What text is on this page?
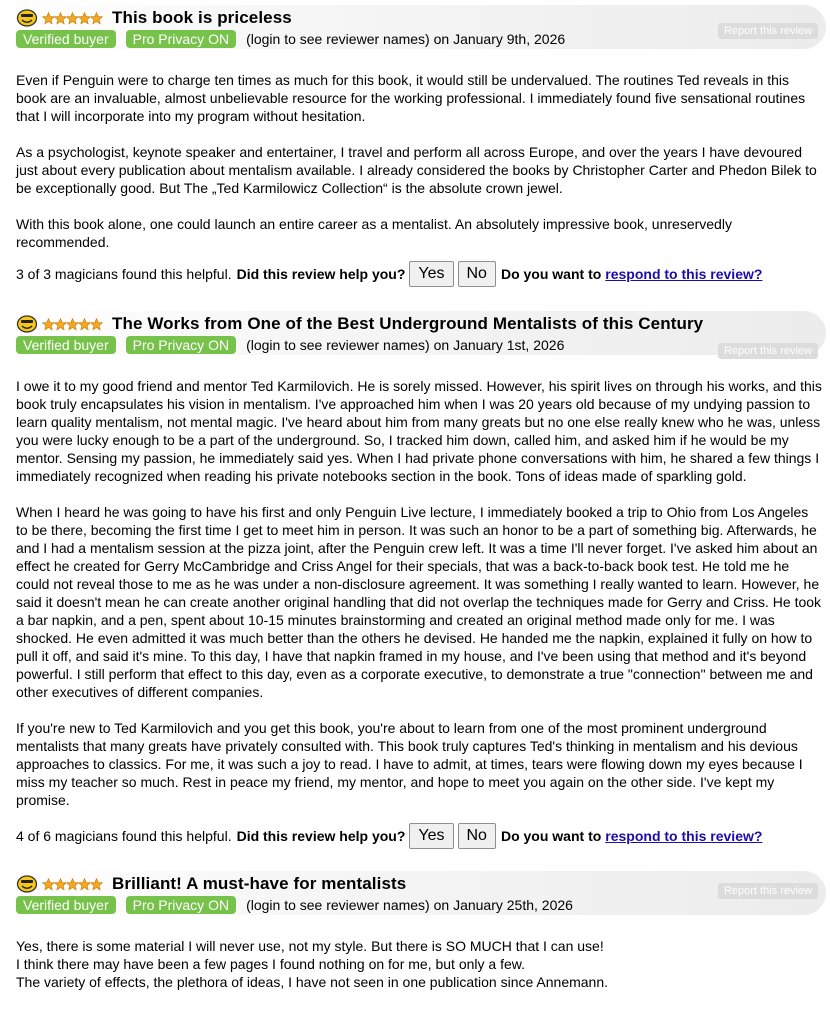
This book is priceless
Verified buyer	Pro Privacy ON	(login to see reviewer names) on January 9th, 2026	Report this review

Even if Penguin were to charge ten times as much for this book, it would still be undervalued. The routines Ted reveals in this book are an invaluable, almost unbelievable resource for the working professional. I immediately found five sensational routines that I will incorporate into my program without hesitation.

As a psychologist, keynote speaker and entertainer, I travel and perform all across Europe, and over the years I have devoured just about every publication about mentalism available. I already considered the books by Christopher Carter and Phedon Bilek to be exceptionally good. But The „Ted Karmilowicz Collection“ is the absolute crown jewel.

With this book alone, one could launch an entire career as a mentalist. An absolutely impressive book, unreservedly recommended.

3 of 3 magicians found this helpful. Did this review help you? Yes	No	Do you want to respond to this review?
The Works from One of the Best Underground Mentalists of this Century
Verified buyer	Pro Privacy ON	(login to see reviewer names) on January 1st, 2026	Report this review

I owe it to my good friend and mentor Ted Karmilovich. He is sorely missed. However, his spirit lives on through his works, and this book truly encapsulates his vision in mentalism. I've approached him when I was 20 years old because of my undying passion to learn quality mentalism, not mental magic. I've heard about him from many greats but no one else really knew who he was, unless you were lucky enough to be a part of the underground. So, I tracked him down, called him, and asked him if he would be my mentor. Sensing my passion, he immediately said yes. When I had private phone conversations with him, he shared a few things I immediately recognized when reading his private notebooks section in the book. Tons of ideas made of sparkling gold.

When I heard he was going to have his first and only Penguin Live lecture, I immediately booked a trip to Ohio from Los Angeles to be there, becoming the first time I get to meet him in person. It was such an honor to be a part of something big. Afterwards, he and I had a mentalism session at the pizza joint, after the Penguin crew left. It was a time I'll never forget. I've asked him about an effect he created for Gerry McCambridge and Criss Angel for their specials, that was a back-to-back book test. He told me he could not reveal those to me as he was under a non-disclosure agreement. It was something I really wanted to learn. However, he said it doesn't mean he can create another original handling that did not overlap the techniques made for Gerry and Criss. He took a bar napkin, and a pen, spent about 10-15 minutes brainstorming and created an original method made only for me. I was shocked. He even admitted it was much better than the others he devised. He handed me the napkin, explained it fully on how to pull it off, and said it's mine. To this day, I have that napkin framed in my house, and I've been using that method and it's beyond powerful. I still perform that effect to this day, even as a corporate executive, to demonstrate a true "connection" between me and other executives of different companies.

If you're new to Ted Karmilovich and you get this book, you're about to learn from one of the most prominent underground mentalists that many greats have privately consulted with. This book truly captures Ted's thinking in mentalism and his devious approaches to classics. For me, it was such a joy to read. I have to admit, at times, tears were flowing down my eyes because I miss my teacher so much. Rest in peace my friend, my mentor, and hope to meet you again on the other side. I've kept my promise.

4 of 6 magicians found this helpful. Did this review help you? Yes	No	Do you want to respond to this review?
Brilliant! A must-have for mentalists
Verified buyer	Pro Privacy ON	(login to see reviewer names) on January 25th, 2026
Report this review
Yes, there is some material I will never use, not my style. But there is SO MUCH that I can use!
I think there may have been a few pages I found nothing on for me, but only a few.
The variety of effects, the plethora of ideas, I have not seen in one publication since Annemann.
